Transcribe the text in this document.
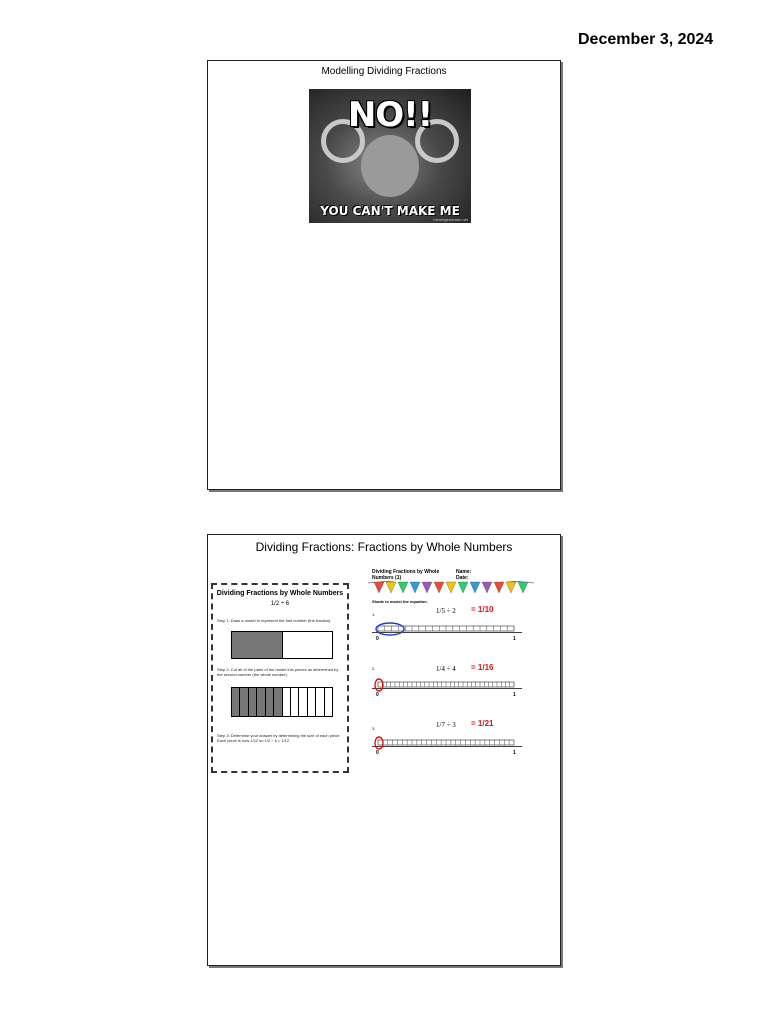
December 3, 2024
Modelling Dividing Fractions
NO!!
YOU CAN'T MAKE ME
memegenerator.net
Dividing Fractions: Fractions by Whole Numbers
Dividing Fractions by Whole Numbers
1/2 ÷ 6
Step 1: Draw a model to represent the first number (the fraction).
Step 2: Cut all of the parts of the model into pieces as determined by the second number (the whole number).
Step 3: Determine your answer by determining the size of each piece. Each piece is now 1/12 so 1/2 ÷ 6 = 1/12
Dividing Fractions by Whole Numbers (1)
Name:
Date:
Shade to model the equation.
1.	1/5 ÷ 2 = 1/10
2.	1/4 ÷ 4 = 1/16
3.	1/7 ÷ 3 = 1/21
0	1
0	1
0	1
